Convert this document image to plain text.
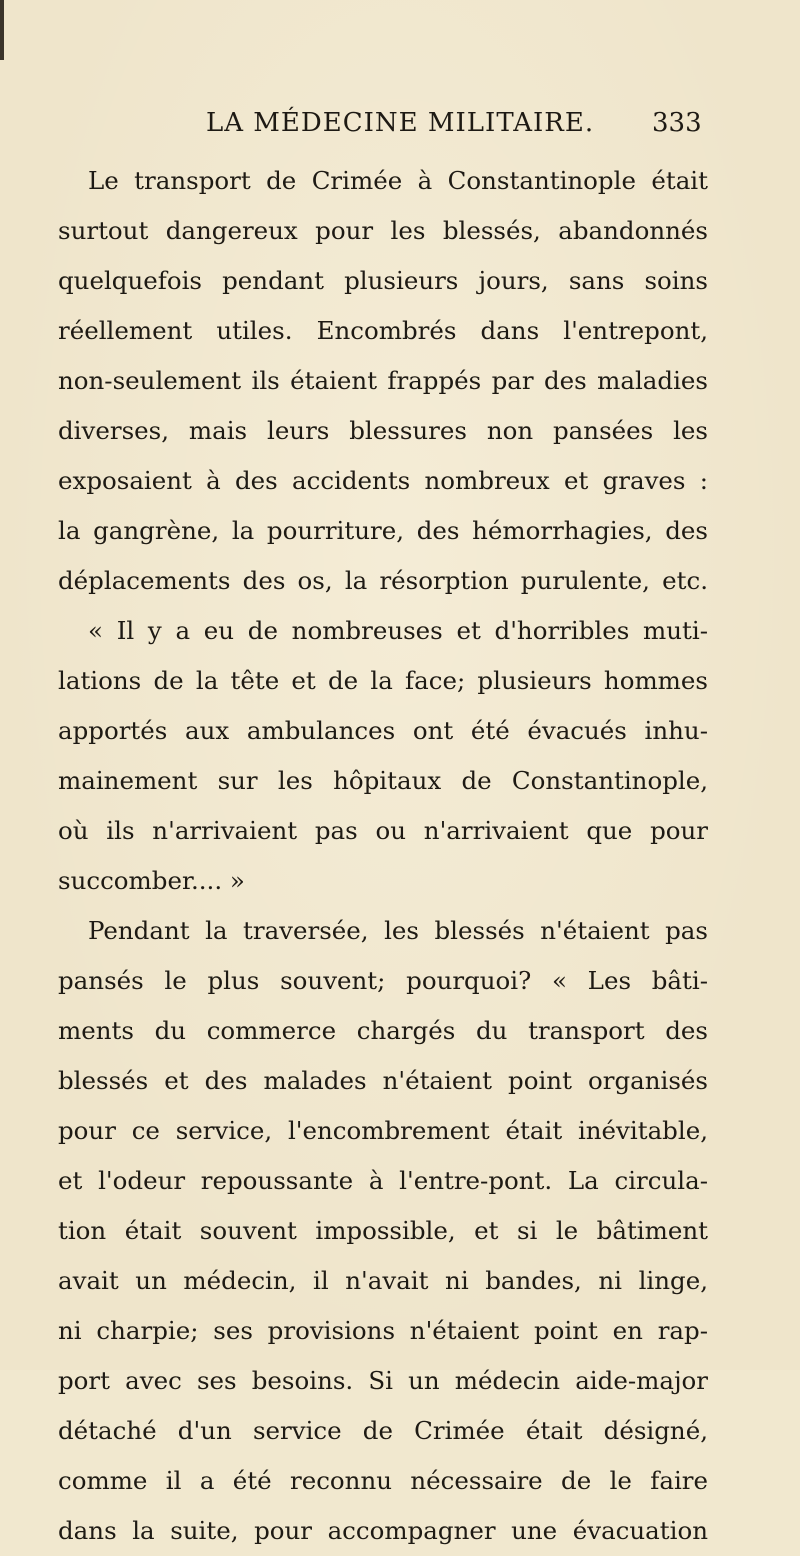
LA MÉDECINE MILITAIRE. 333
Le transport de Crimée à Constantinople était
surtout dangereux pour les blessés, abandonnés
quelquefois pendant plusieurs jours, sans soins
réellement utiles. Encombrés dans l'entrepont,
non-seulement ils étaient frappés par des maladies
diverses, mais leurs blessures non pansées les
exposaient à des accidents nombreux et graves :
la gangrène, la pourriture, des hémorrhagies, des
déplacements des os, la résorption purulente, etc.
« Il y a eu de nombreuses et d'horribles muti-
lations de la tête et de la face; plusieurs hommes
apportés aux ambulances ont été évacués inhu-
mainement sur les hôpitaux de Constantinople,
où ils n'arrivaient pas ou n'arrivaient que pour
succomber.... »
Pendant la traversée, les blessés n'étaient pas
pansés le plus souvent; pourquoi? « Les bâti-
ments du commerce chargés du transport des
blessés et des malades n'étaient point organisés
pour ce service, l'encombrement était inévitable,
et l'odeur repoussante à l'entre-pont. La circula-
tion était souvent impossible, et si le bâtiment
avait un médecin, il n'avait ni bandes, ni linge,
ni charpie; ses provisions n'étaient point en rap-
port avec ses besoins. Si un médecin aide-major
détaché d'un service de Crimée était désigné,
comme il a été reconnu nécessaire de le faire
dans la suite, pour accompagner une évacuation
